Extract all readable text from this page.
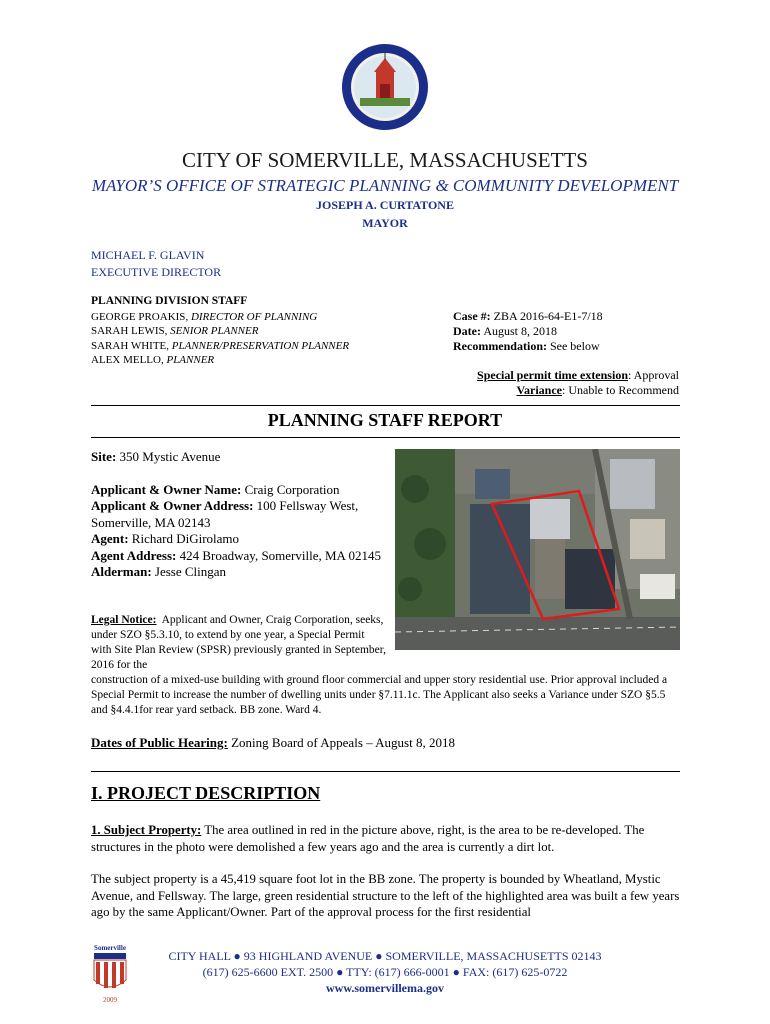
CITY OF SOMERVILLE, MASSACHUSETTS
MAYOR’S OFFICE OF STRATEGIC PLANNING & COMMUNITY DEVELOPMENT
JOSEPH A. CURTATONE
MAYOR
MICHAEL F. GLAVIN
EXECUTIVE DIRECTOR
PLANNING DIVISION STAFF
GEORGE PROAKIS, DIRECTOR OF PLANNING
SARAH LEWIS, SENIOR PLANNER
SARAH WHITE, PLANNER/PRESERVATION PLANNER
ALEX MELLO, PLANNER
Case #: ZBA 2016-64-E1-7/18
Date: August 8, 2018
Recommendation: See below
Special permit time extension: Approval
Variance: Unable to Recommend
PLANNING STAFF REPORT
Site: 350 Mystic Avenue
Applicant & Owner Name: Craig Corporation
Applicant & Owner Address: 100 Fellsway West, Somerville, MA 02143
Agent: Richard DiGirolamo
Agent Address: 424 Broadway, Somerville, MA 02145
Alderman: Jesse Clingan
Legal Notice: Applicant and Owner, Craig Corporation, seeks, under SZO §5.3.10, to extend by one year, a Special Permit with Site Plan Review (SPSR) previously granted in September, 2016 for the
construction of a mixed-use building with ground floor commercial and upper story residential use. Prior approval included a Special Permit to increase the number of dwelling units under §7.11.1c. The Applicant also seeks a Variance under SZO §5.5 and §4.4.1for rear yard setback. BB zone. Ward 4.
Dates of Public Hearing: Zoning Board of Appeals – August 8, 2018
I. PROJECT DESCRIPTION
1. Subject Property: The area outlined in red in the picture above, right, is the area to be re-developed. The structures in the photo were demolished a few years ago and the area is currently a dirt lot.
The subject property is a 45,419 square foot lot in the BB zone. The property is bounded by Wheatland, Mystic Avenue, and Fellsway. The large, green residential structure to the left of the highlighted area was built a few years ago by the same Applicant/Owner. Part of the approval process for the first residential
Somerville
2009
CITY HALL ● 93 HIGHLAND AVENUE ● SOMERVILLE, MASSACHUSETTS 02143
(617) 625-6600 EXT. 2500 ● TTY: (617) 666-0001 ● FAX: (617) 625-0722
www.somervillema.gov
